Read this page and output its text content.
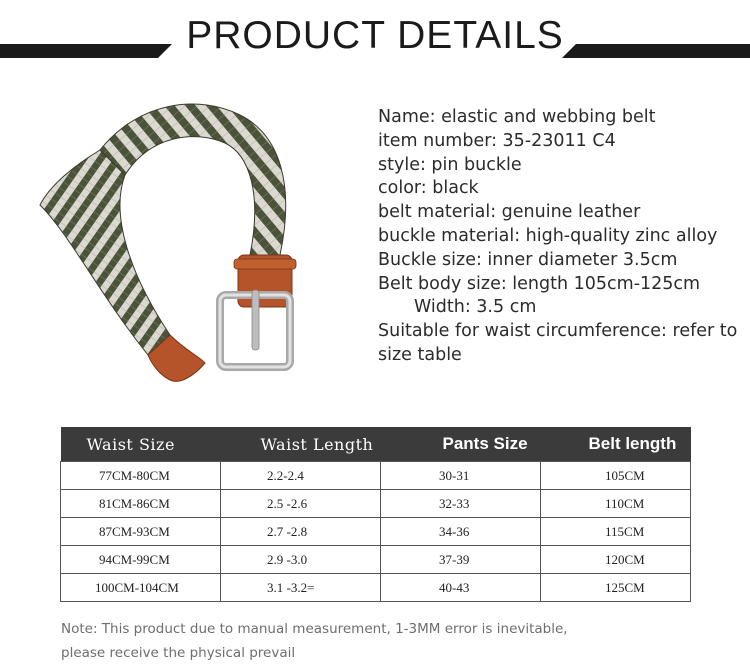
PRODUCT DETAILS
Name: elastic and webbing belt
item number: 35-23011 C4
style: pin buckle
color: black
belt material: genuine leather
buckle material: high-quality zinc alloy
Buckle size: inner diameter 3.5cm
Belt body size: length 105cm-125cm
Width: 3.5 cm
Suitable for waist circumference: refer to
size table
Waist Size	Waist Length	Pants Size	Belt length
77CM-80CM	2.2-2.4	30-31	105CM
81CM-86CM	2.5 -2.6	32-33	110CM
87CM-93CM	2.7 -2.8	34-36	115CM
94CM-99CM	2.9 -3.0	37-39	120CM
100CM-104CM	3.1 -3.2=	40-43	125CM
Note: This product due to manual measurement, 1-3MM error is inevitable,
please receive the physical prevail
